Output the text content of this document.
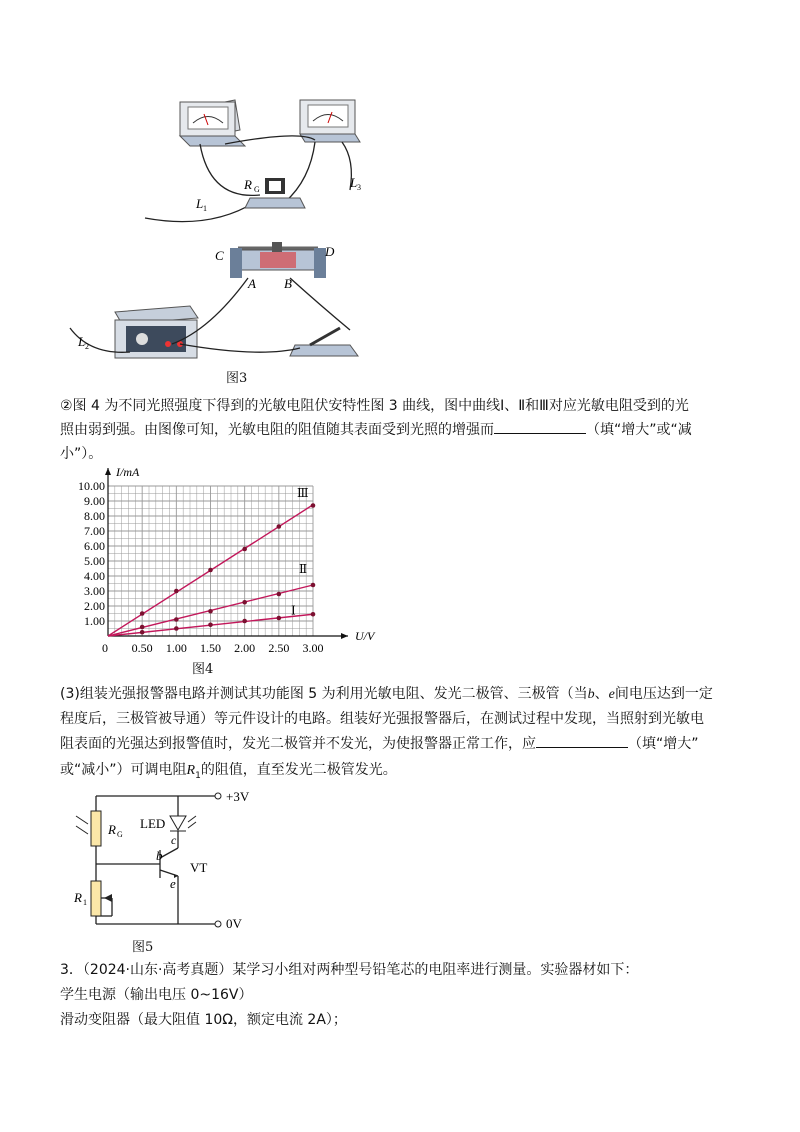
R G
L 1
L 3
C	D
A B
L 2
图3
②图 4 为不同光照强度下得到的光敏电阻伏安特性图 3 曲线，图中曲线Ⅰ、Ⅱ和Ⅲ对应光敏电阻受到的光
照由弱到强。由图像可知，光敏电阻的阻值随其表面受到光照的增强而	（填“增大”或“减
小”）。
U/V
I/mA
0 0.50 1.00 1.50 2.00 2.50 3.00
1.00
2.00
3.00
4.00
5.00
6.00
7.00
8.00
9.00
10.00
Ⅰ
Ⅱ
Ⅲ
图4
(3)组装光强报警器电路并测试其功能图 5 为利用光敏电阻、发光二极管、三极管（当b、e间电压达到一定
程度后，三极管被导通）等元件设计的电路。组装好光强报警器后，在测试过程中发现，当照射到光敏电
阻表面的光强达到报警值时，发光二极管并不发光，为使报警器正常工作，应	（填“增大”
或“减小”）可调电阻$R_1$的阻值，直至发光二极管发光。
+3V
0V
LED
VT
R G
R 1
b
c
e
图5
3．（2024·山东·高考真题）某学习小组对两种型号铅笔芯的电阻率进行测量。实验器材如下：
学生电源（输出电压 0~16V）
滑动变阻器（最大阻值 10Ω，额定电流 2A）；
